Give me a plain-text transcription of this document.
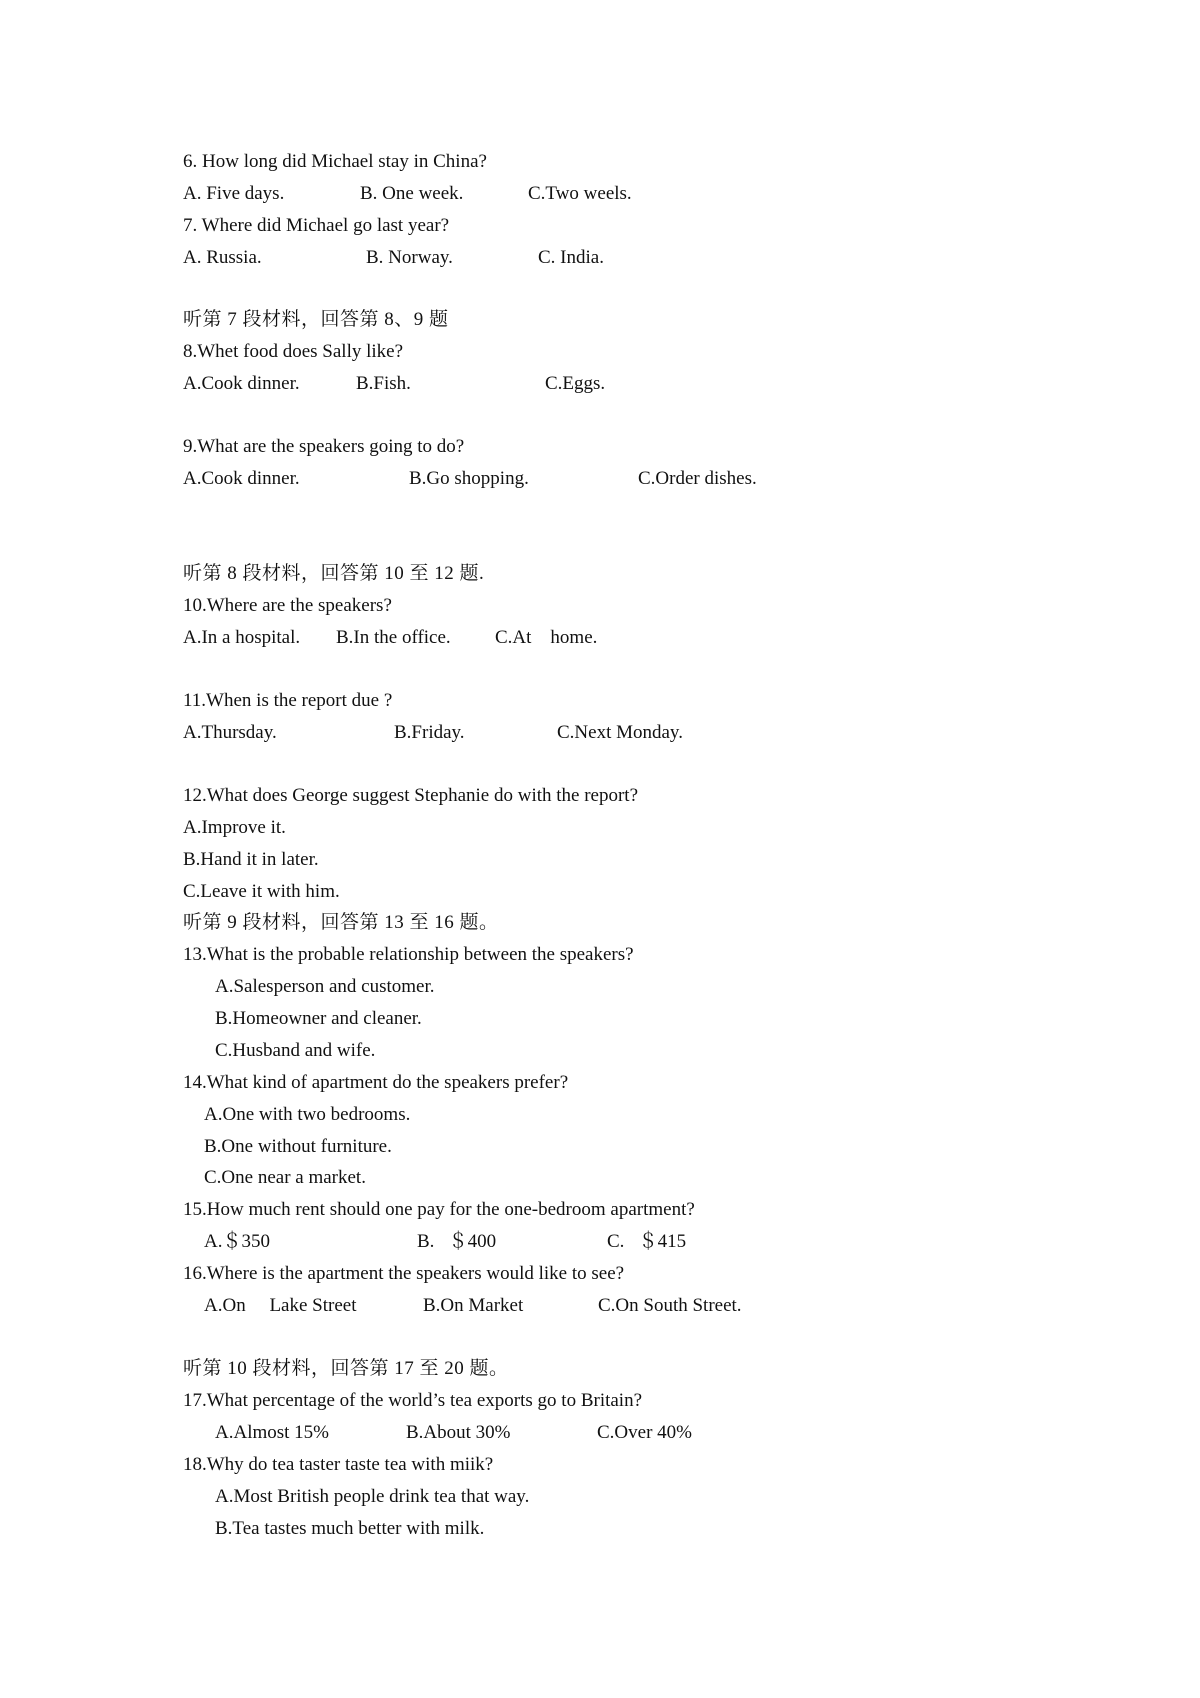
6. How long did Michael stay in China?
A. Five days.	B. One week.	C.Two weels.
7. Where did Michael go last year?
A. Russia.	B. Norway.	C. India.
听第 7 段材料，回答第 8、9 题
8.Whet food does Sally like?
A.Cook dinner.	B.Fish.	C.Eggs.
9.What are the speakers going to do?
A.Cook dinner.	B.Go shopping.	C.Order dishes.
听第 8 段材料，回答第 10 至 12 题.
10.Where are the speakers?
A.In a hospital. B.In the office. C.At    home.
11.When is the report due ?
A.Thursday.	B.Friday.	C.Next Monday.
12.What does George suggest Stephanie do with the report?
A.Improve it.
B.Hand it in later.
C.Leave it with him.
听第 9 段材料，回答第 13 至 16 题。
13.What is the probable relationship between the speakers?
A.Salesperson and customer.
B.Homeowner and cleaner.
C.Husband and wife.
14.What kind of apartment do the speakers prefer?
A.One with two bedrooms.
B.One without furniture.
C.One near a market.
15.How much rent should one pay for the one-bedroom apartment?
A.＄350	B.   ＄400	C.   ＄415
16.Where is the apartment the speakers would like to see?
A.On     Lake Street	B.On Market	C.On South Street.
听第 10 段材料，回答第 17 至 20 题。
17.What percentage of the world’s tea exports go to Britain?
A.Almost 15%	B.About 30%	C.Over 40%
18.Why do tea taster taste tea with miik?
A.Most British people drink tea that way.
B.Tea tastes much better with milk.
